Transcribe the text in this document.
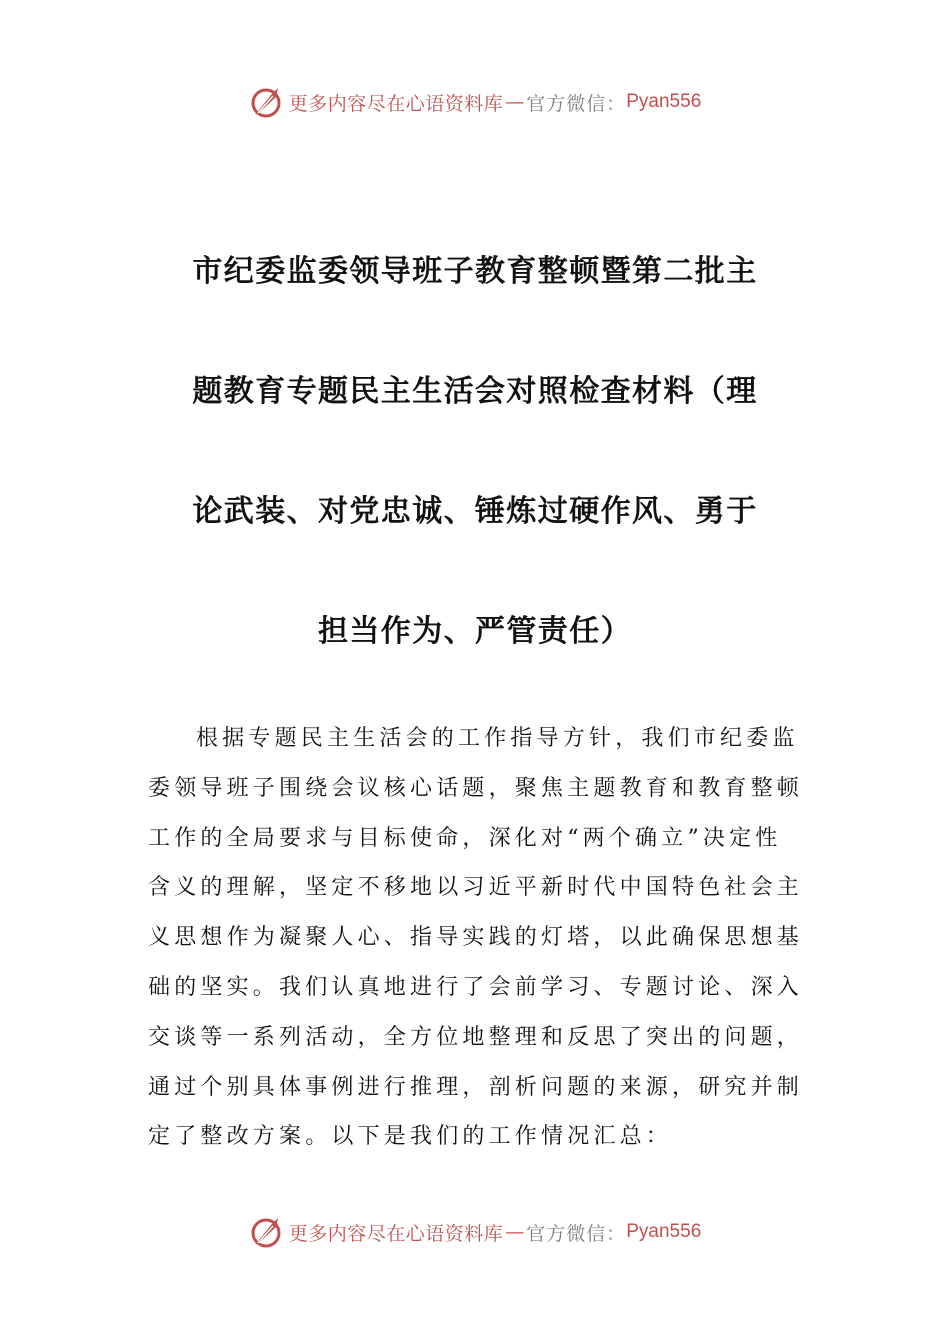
更多内容尽在心语资料库 — 官方微信： Pyan556
市纪委监委领导班子教育整顿暨第二批主
题教育专题民主生活会对照检查材料（理
论武装、对党忠诚、锤炼过硬作风、勇于
担当作为、严管责任）

根据专题民主生活会的工作指导方针，我们市纪委监
委领导班子围绕会议核心话题，聚焦主题教育和教育整顿
工作的全局要求与目标使命，深化对“两个确立”决定性
含义的理解，坚定不移地以习近平新时代中国特色社会主
义思想作为凝聚人心、指导实践的灯塔，以此确保思想基
础的坚实。我们认真地进行了会前学习、专题讨论、深入
交谈等一系列活动，全方位地整理和反思了突出的问题，
通过个别具体事例进行推理，剖析问题的来源，研究并制
定了整改方案。以下是我们的工作情况汇总：

更多内容尽在心语资料库 — 官方微信： Pyan556
